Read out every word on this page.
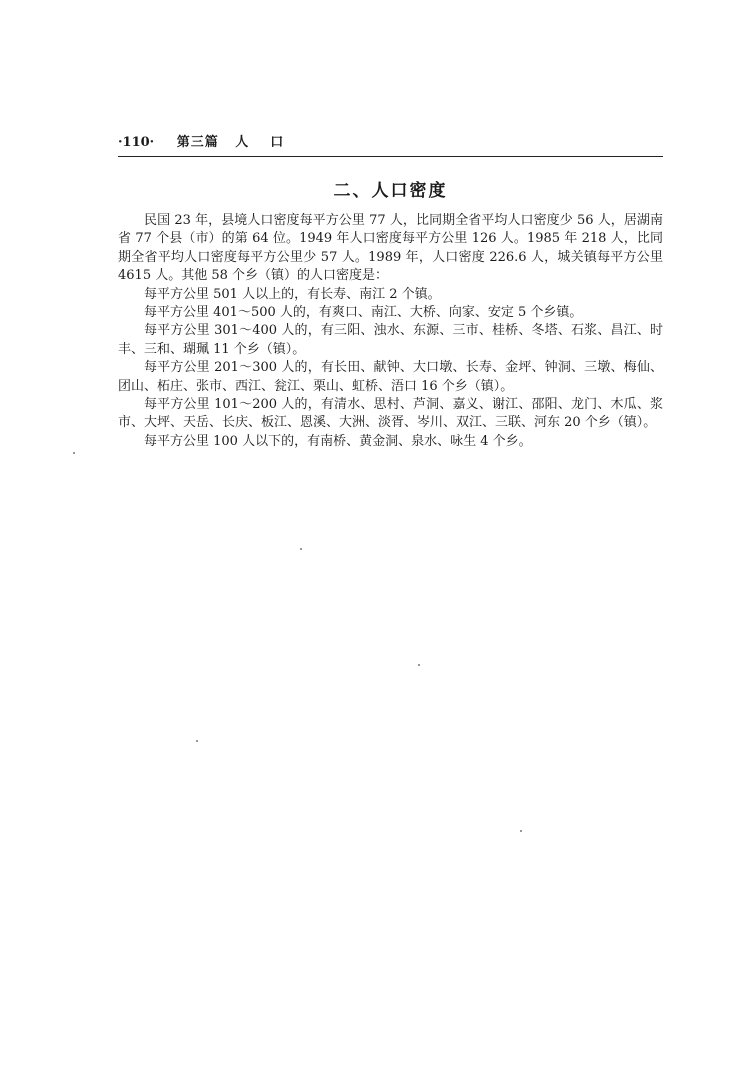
·110· 第三篇 人口
二、人口密度

民国 23 年，县境人口密度每平方公里 77 人，比同期全省平均人口密度少 56 人，居湖南省 77 个县（市）的第 64 位。1949 年人口密度每平方公里 126 人。1985 年 218 人，比同期全省平均人口密度每平方公里少 57 人。1989 年，人口密度 226.6 人，城关镇每平方公里 4615 人。其他 58 个乡（镇）的人口密度是：

每平方公里 501 人以上的，有长寿、南江 2 个镇。

每平方公里 401～500 人的，有爽口、南江、大桥、向家、安定 5 个乡镇。

每平方公里 301～400 人的，有三阳、浊水、东源、三市、桂桥、冬塔、石浆、昌江、时丰、三和、瑚珮 11 个乡（镇）。

每平方公里 201～300 人的，有长田、献钟、大口墩、长寿、金坪、钟洞、三墩、梅仙、团山、柘庄、张市、西江、瓮江、栗山、虹桥、浯口 16 个乡（镇）。

每平方公里 101～200 人的，有清水、思村、芦洞、嘉义、谢江、邵阳、龙门、木瓜、浆市、大坪、天岳、长庆、板江、恩溪、大洲、淡胥、岑川、双江、三联、河东 20 个乡（镇）。

每平方公里 100 人以下的，有南桥、黄金洞、泉水、咏生 4 个乡。
